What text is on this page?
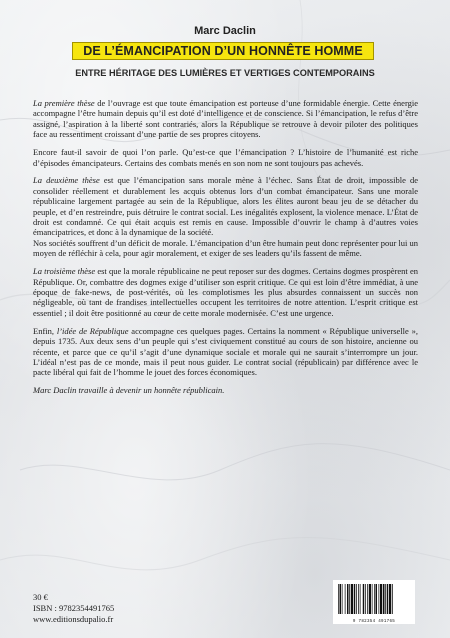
Marc Daclin
DE L’ÉMANCIPATION D’UN HONNÊTE HOMME
ENTRE HÉRITAGE DES LUMIÈRES ET VERTIGES CONTEMPORAINS

La première thèse de l’ouvrage est que toute émancipation est porteuse d’une formidable énergie. Cette énergie accompagne l’être humain depuis qu’il est doté d’intelligence et de conscience. Si l’émancipation, le refus d’être assigné, l’aspiration à la liberté sont contrariés, alors la République se retrouve à devoir piloter des politiques face au ressentiment croissant d’une partie de ses propres citoyens.

Encore faut-il savoir de quoi l’on parle. Qu’est-ce que l’émancipation ? L’histoire de l’humanité est riche d’épisodes émancipateurs. Certains des combats menés en son nom ne sont toujours pas achevés.

La deuxième thèse est que l’émancipation sans morale mène à l’échec. Sans État de droit, impossible de consolider réellement et durablement les acquis obtenus lors d’un combat émancipateur. Sans une morale républicaine largement partagée au sein de la République, alors les élites auront beau jeu de se détacher du peuple, et d’en restreindre, puis détruire le contrat social. Les inégalités explosent, la violence menace. L’État de droit est condamné. Ce qui était acquis est remis en cause. Impossible d’ouvrir le champ à d’autres voies émancipatrices, et donc à la dynamique de la société.

Nos sociétés souffrent d’un déficit de morale. L’émancipation d’un être humain peut donc représenter pour lui un moyen de réfléchir à cela, pour agir moralement, et exiger de ses leaders qu’ils fassent de même.

La troisième thèse est que la morale républicaine ne peut reposer sur des dogmes. Certains dogmes prospèrent en République. Or, combattre des dogmes exige d’utiliser son esprit critique. Ce qui est loin d’être immédiat, à une époque de fake-news, de post-vérités, où les complotismes les plus absurdes connaissent un succès non négligeable, où tant de frandises intellectuelles occupent les territoires de notre attention. L’esprit critique est essentiel ; il doit être positionné au cœur de cette morale modernisée. C’est une urgence.

Enfin, l’idée de République accompagne ces quelques pages. Certains la nomment « République universelle », depuis 1735. Aux deux sens d’un peuple qui s’est civiquement constitué au cours de son histoire, ancienne ou récente, et parce que ce qu’il s’agit d’une dynamique sociale et morale qui ne saurait s’interrompre un jour. L’idéal n’est pas de ce monde, mais il peut nous guider. Le contrat social (républicain) par différence avec le pacte libéral qui fait de l’homme le jouet des forces économiques.

Marc Daclin travaille à devenir un honnête républicain.

30 €
ISBN : 9782354491765
www.editionsdupalio.fr	9 782354 491765
